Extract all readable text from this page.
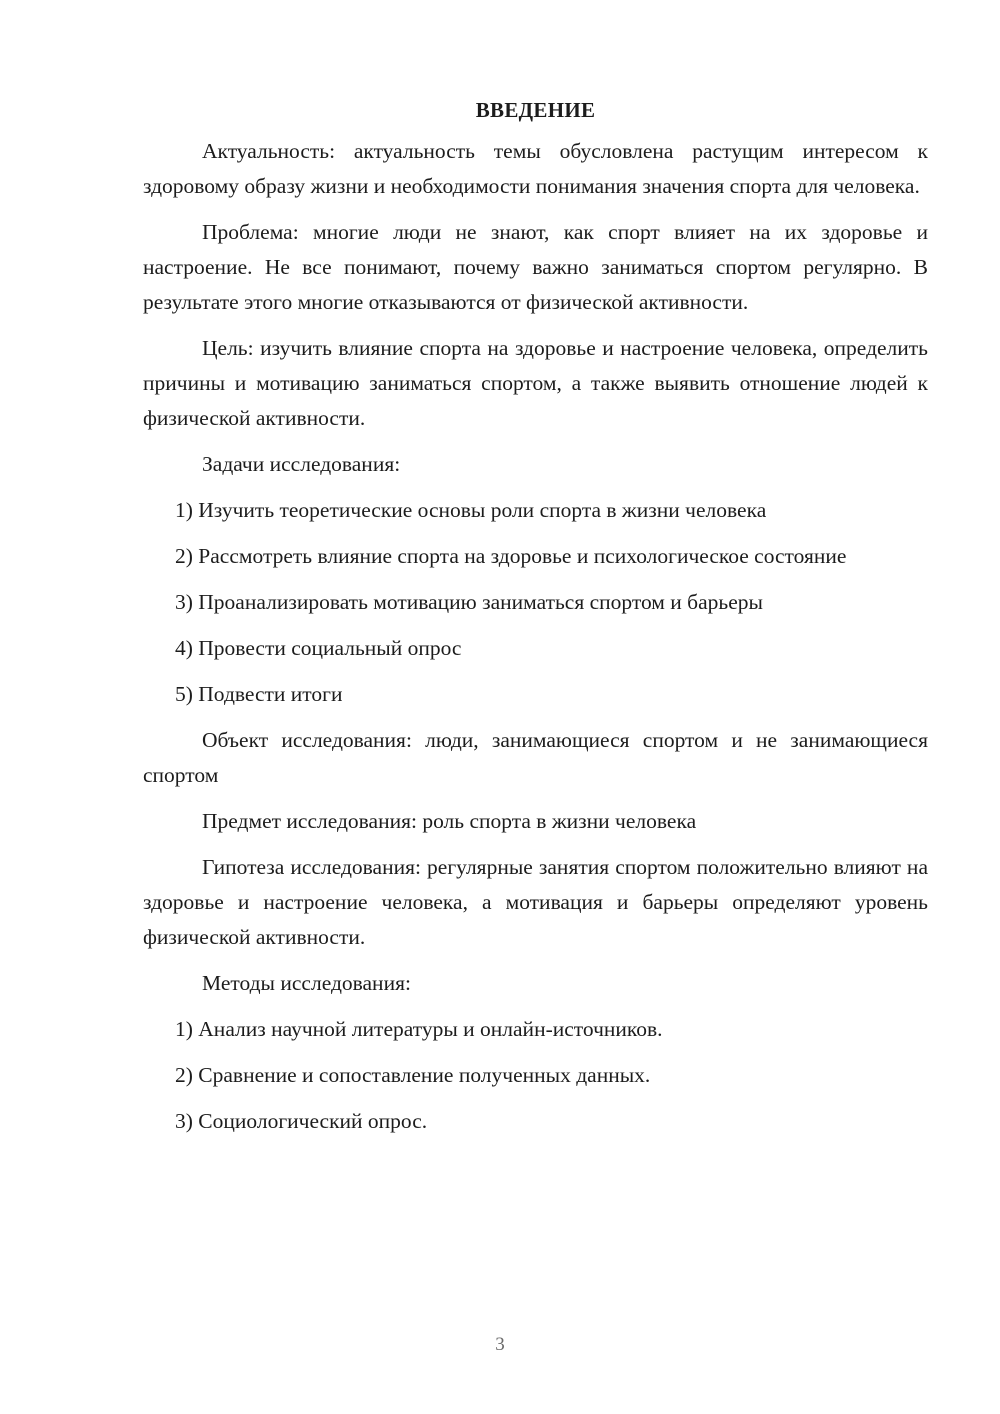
ВВЕДЕНИЕ

Актуальность: актуальность темы обусловлена растущим интересом к здоровому образу жизни и необходимости понимания значения спорта для человека.

Проблема: многие люди не знают, как спорт влияет на их здоровье и настроение. Не все понимают, почему важно заниматься спортом регулярно. В результате этого многие отказываются от физической активности.

Цель: изучить влияние спорта на здоровье и настроение человека, определить причины и мотивацию заниматься спортом, а также выявить отношение людей к физической активности.

Задачи исследования:

1) Изучить теоретические основы роли спорта в жизни человека

2) Рассмотреть влияние спорта на здоровье и психологическое состояние

3) Проанализировать мотивацию заниматься спортом и барьеры

4) Провести социальный опрос

5) Подвести итоги

Объект исследования: люди, занимающиеся спортом и не занимающиеся спортом

Предмет исследования: роль спорта в жизни человека

Гипотеза исследования: регулярные занятия спортом положительно влияют на здоровье и настроение человека, а мотивация и барьеры определяют уровень физической активности.

Методы исследования:

1) Анализ научной литературы и онлайн-источников.

2) Сравнение и сопоставление полученных данных.

3) Социологический опрос.

3
